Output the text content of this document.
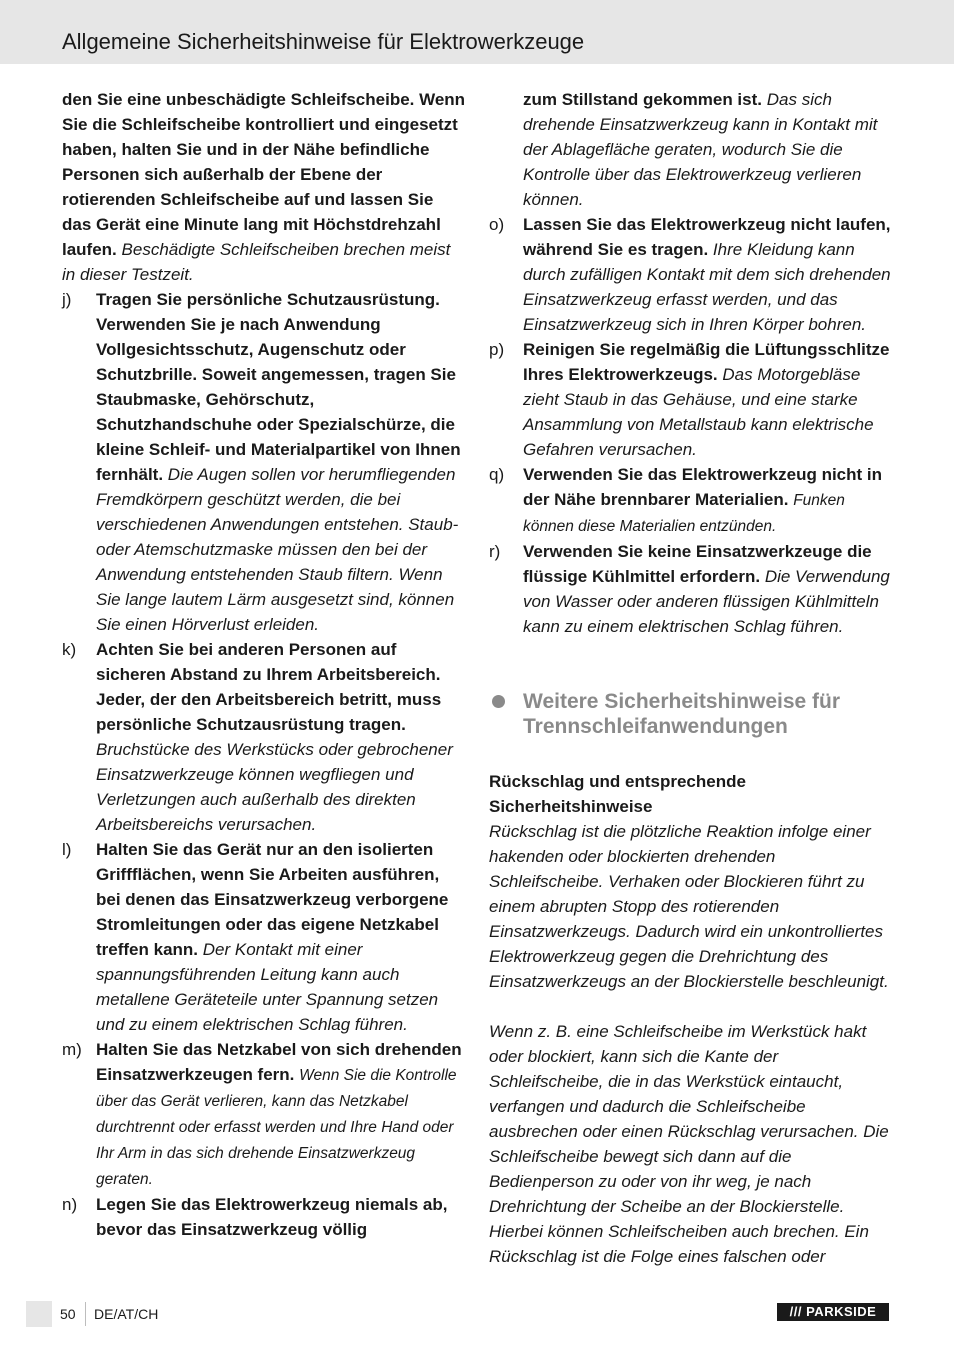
Allgemeine Sicherheitshinweise für Elektrowerkzeuge
den Sie eine unbeschädigte Schleifscheibe. Wenn Sie die Schleifscheibe kontrolliert und eingesetzt haben, halten Sie und in der Nähe befindliche Personen sich außerhalb der Ebene der rotierenden Schleifscheibe auf und lassen Sie das Gerät eine Minute lang mit Höchstdrehzahl laufen. Beschädigte Schleifscheiben brechen meist in dieser Testzeit.
j) Tragen Sie persönliche Schutzausrüstung. Verwenden Sie je nach Anwendung Vollgesichtsschutz, Augenschutz oder Schutzbrille. Soweit angemessen, tragen Sie Staubmaske, Gehörschutz, Schutzhandschuhe oder Spezialschürze, die kleine Schleif- und Materialpartikel von Ihnen fernhält. Die Augen sollen vor herumfliegenden Fremdkörpern geschützt werden, die bei verschiedenen Anwendungen entstehen. Staub- oder Atemschutzmaske müssen den bei der Anwendung entstehenden Staub filtern. Wenn Sie lange lautem Lärm ausgesetzt sind, können Sie einen Hörverlust erleiden.
k) Achten Sie bei anderen Personen auf sicheren Abstand zu Ihrem Arbeitsbereich. Jeder, der den Arbeitsbereich betritt, muss persönliche Schutzausrüstung tragen. Bruchstücke des Werkstücks oder gebrochener Einsatzwerkzeuge können wegfliegen und Verletzungen auch außerhalb des direkten Arbeitsbereichs verursachen.
l) Halten Sie das Gerät nur an den isolierten Griffflächen, wenn Sie Arbeiten ausführen, bei denen das Einsatzwerkzeug verborgene Stromleitungen oder das eigene Netzkabel treffen kann. Der Kontakt mit einer spannungsführenden Leitung kann auch metallene Geräteteile unter Spannung setzen und zu einem elektrischen Schlag führen.
m) Halten Sie das Netzkabel von sich drehenden Einsatzwerkzeugen fern. Wenn Sie die Kontrolle über das Gerät verlieren, kann das Netzkabel durchtrennt oder erfasst werden und Ihre Hand oder Ihr Arm in das sich drehende Einsatzwerkzeug geraten.
n) Legen Sie das Elektrowerkzeug niemals ab, bevor das Einsatzwerkzeug völlig
zum Stillstand gekommen ist. Das sich drehende Einsatzwerkzeug kann in Kontakt mit der Ablagefläche geraten, wodurch Sie die Kontrolle über das Elektrowerkzeug verlieren können.
o) Lassen Sie das Elektrowerkzeug nicht laufen, während Sie es tragen. Ihre Kleidung kann durch zufälligen Kontakt mit dem sich drehenden Einsatzwerkzeug erfasst werden, und das Einsatzwerkzeug sich in Ihren Körper bohren.
p) Reinigen Sie regelmäßig die Lüftungsschlitze Ihres Elektrowerkzeugs. Das Motorgebläse zieht Staub in das Gehäuse, und eine starke Ansammlung von Metallstaub kann elektrische Gefahren verursachen.
q) Verwenden Sie das Elektrowerkzeug nicht in der Nähe brennbarer Materialien. Funken können diese Materialien entzünden.
r) Verwenden Sie keine Einsatzwerkzeuge die flüssige Kühlmittel erfordern. Die Verwendung von Wasser oder anderen flüssigen Kühlmitteln kann zu einem elektrischen Schlag führen.
Weitere Sicherheitshinweise für Trennschleifanwendungen
Rückschlag und entsprechende Sicherheitshinweise
Rückschlag ist die plötzliche Reaktion infolge einer hakenden oder blockierten drehenden Schleifscheibe. Verhaken oder Blockieren führt zu einem abrupten Stopp des rotierenden Einsatzwerkzeugs. Dadurch wird ein unkontrolliertes Elektrowerkzeug gegen die Drehrichtung des Einsatzwerkzeugs an der Blockierstelle beschleunigt.
Wenn z. B. eine Schleifscheibe im Werkstück hakt oder blockiert, kann sich die Kante der Schleifscheibe, die in das Werkstück eintaucht, verfangen und dadurch die Schleifscheibe ausbrechen oder einen Rückschlag verursachen. Die Schleifscheibe bewegt sich dann auf die Bedienperson zu oder von ihr weg, je nach Drehrichtung der Scheibe an der Blockierstelle. Hierbei können Schleifscheiben auch brechen. Ein Rückschlag ist die Folge eines falschen oder
50 DE/AT/CH	/// PARKSIDE
